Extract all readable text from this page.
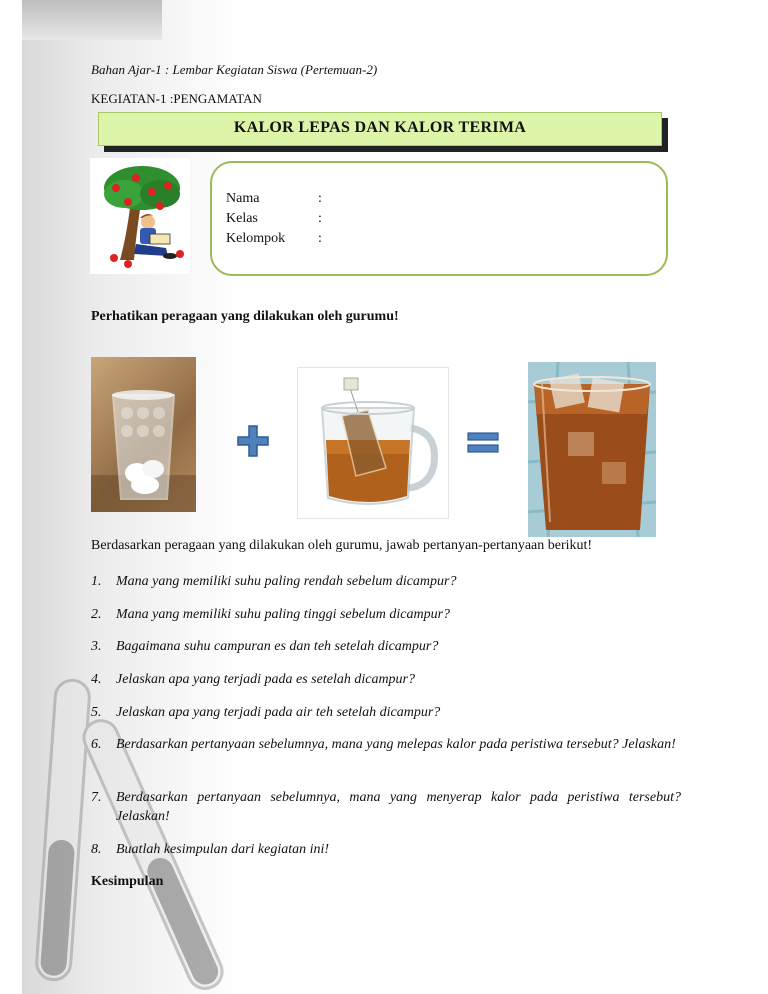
Bahan Ajar-1 : Lembar Kegiatan Siswa (Pertemuan-2)
KEGIATAN-1 :PENGAMATAN
KALOR LEPAS DAN KALOR TERIMA
Nama	:
Kelas	:
Kelompok :
Perhatikan peragaan yang dilakukan oleh gurumu!
Berdasarkan peragaan yang dilakukan oleh gurumu, jawab pertanyan-pertanyaan berikut!
1. Mana yang memiliki suhu paling rendah sebelum dicampur?
2. Mana yang memiliki suhu paling tinggi sebelum dicampur?
3. Bagaimana suhu campuran es dan teh setelah dicampur?
4. Jelaskan apa yang terjadi pada es setelah dicampur?
5. Jelaskan apa yang terjadi pada air teh setelah dicampur?
6. Berdasarkan pertanyaan sebelumnya, mana yang melepas kalor pada peristiwa tersebut? Jelaskan!
7. Berdasarkan pertanyaan sebelumnya, mana yang menyerap kalor pada peristiwa tersebut? Jelaskan!
8. Buatlah kesimpulan dari kegiatan ini!
Kesimpulan
